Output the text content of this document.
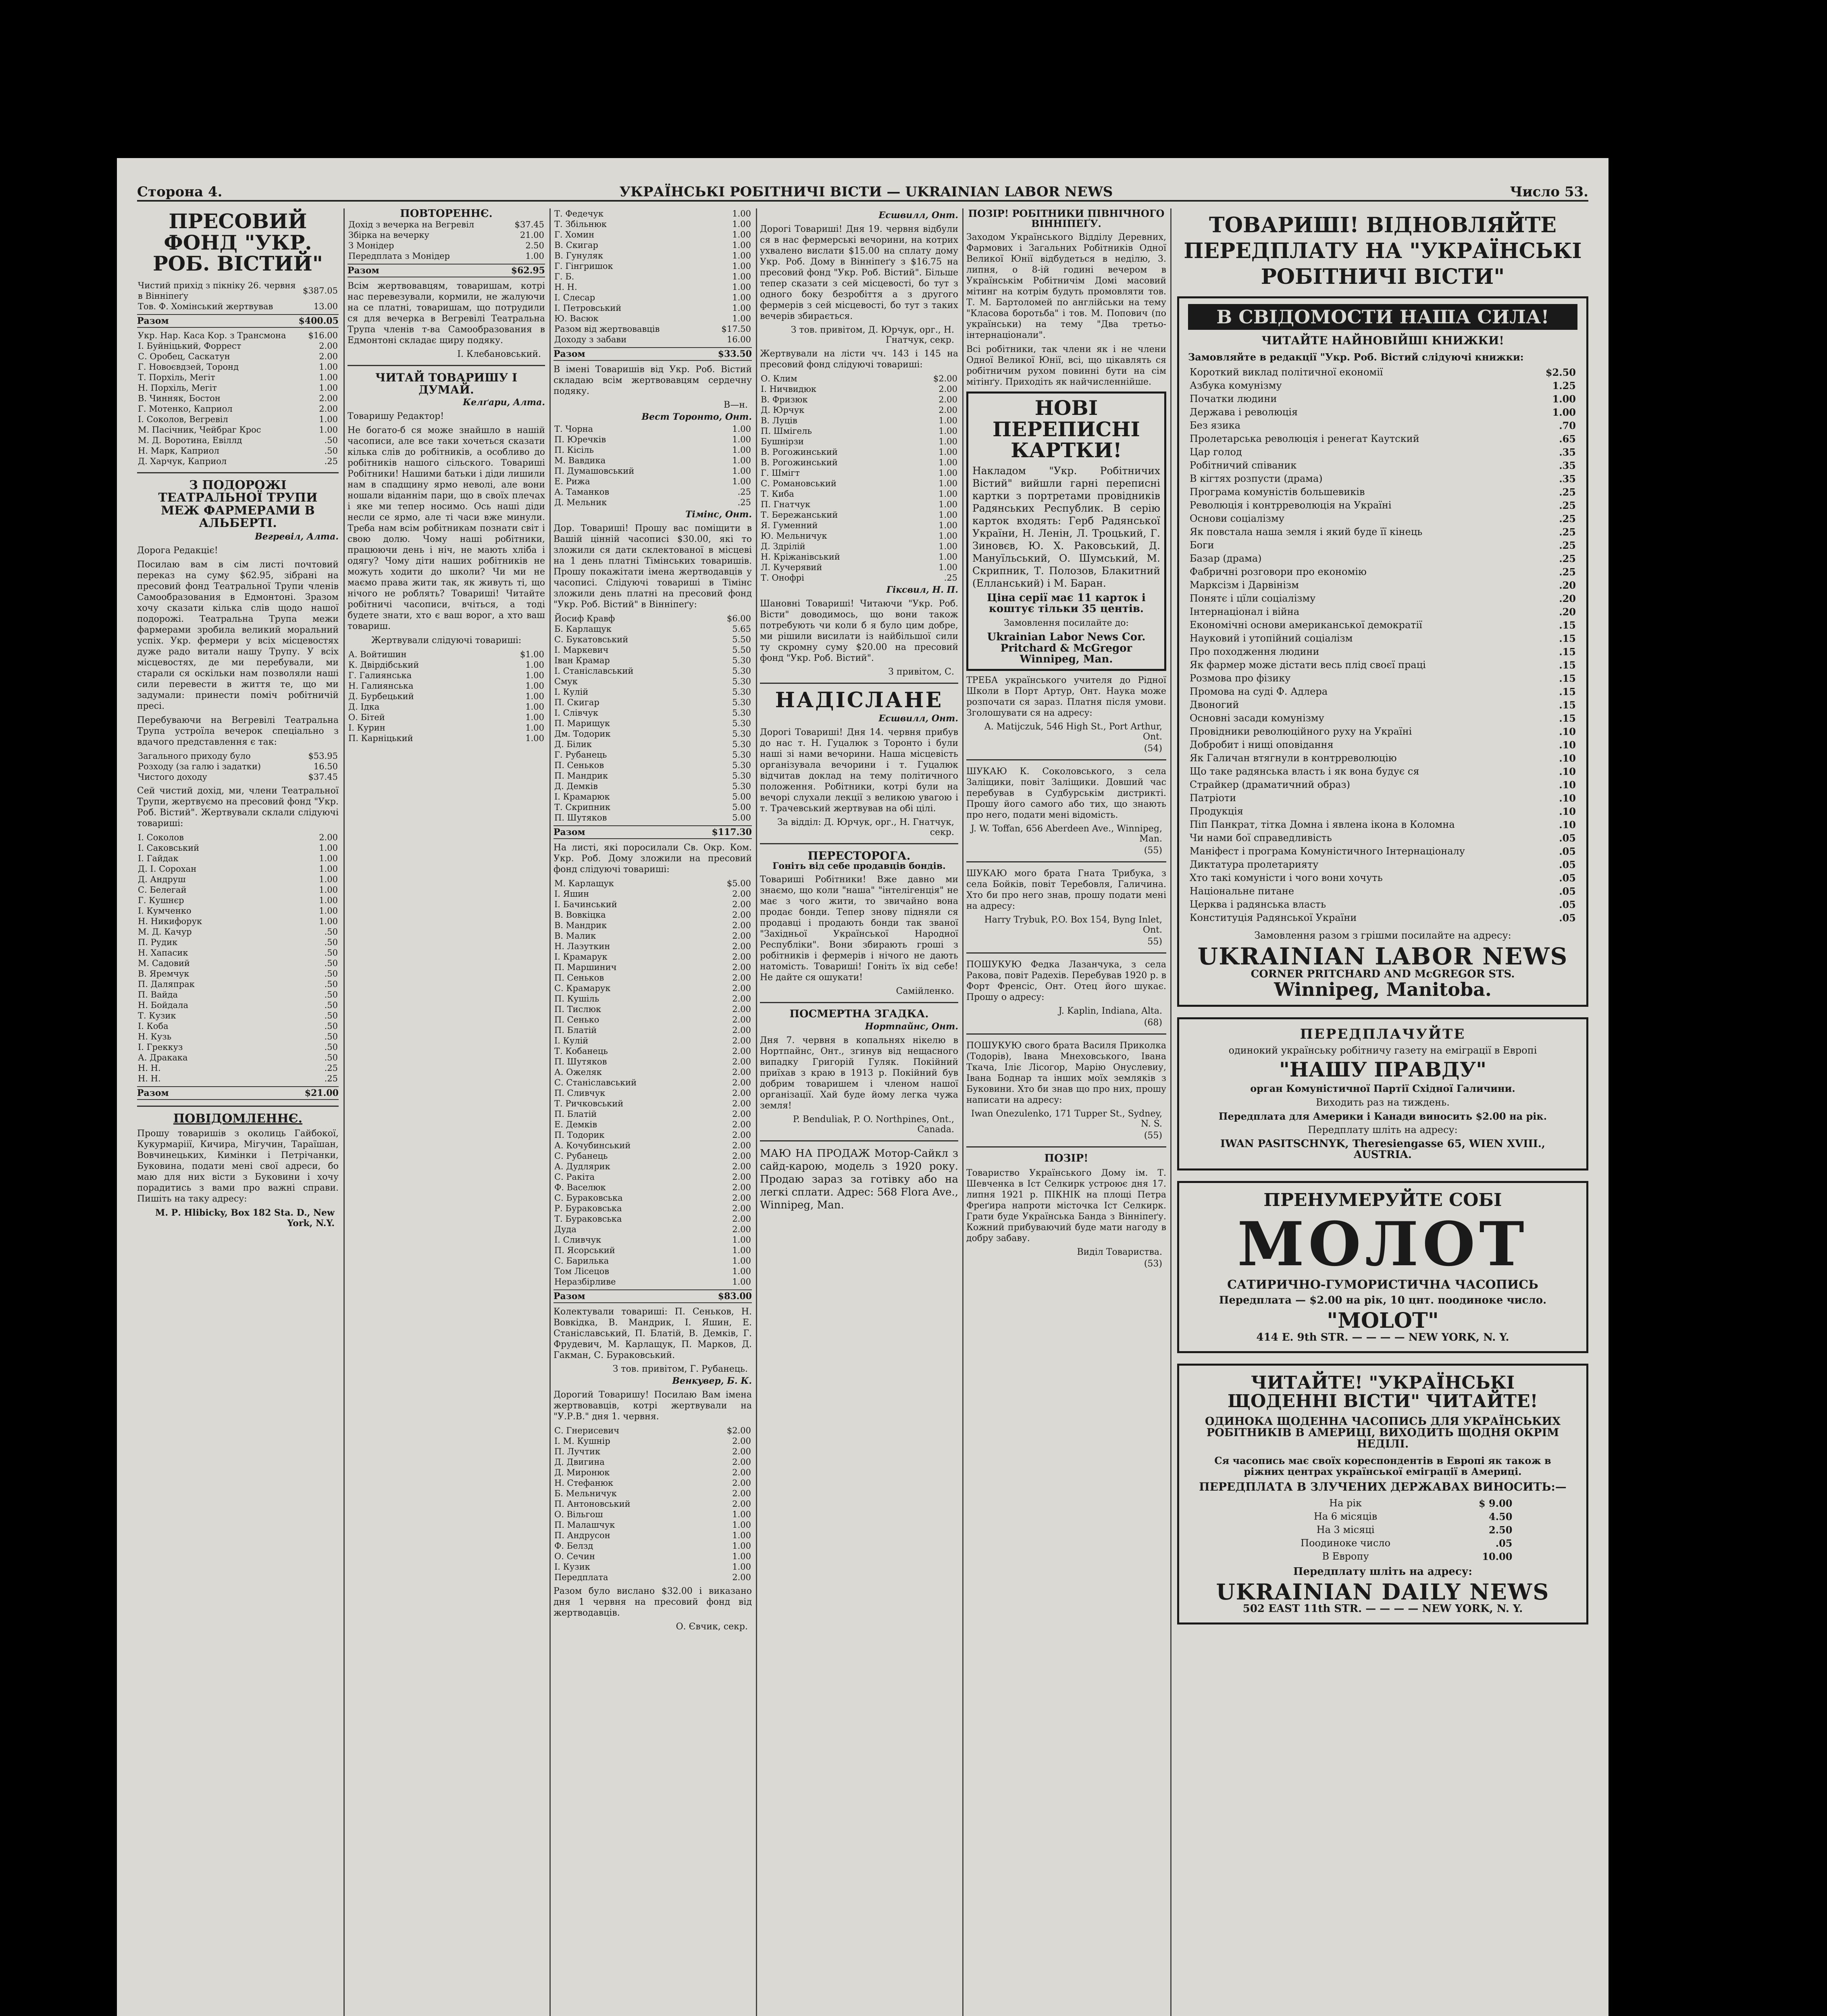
Сторона 4.	УКРАЇНСЬКІ РОБІТНИЧІ ВІСТИ — UKRAINIAN LABOR NEWS	Число 53.
ПРЕСОВИЙ ФОНД "УКР. РОБ. ВІСТИЙ"
Чистий прихід з пікніку 26. червня в Вінніпеґу	$387.05
Тов. Ф. Хомінський жертвував	13.00
Разом	$400.05
Укр. Нар. Каса Кор. з Трансмона	$16.00
І. Буйніцький, Форрест	2.00
С. Оробец, Саскатун	2.00
Г. Новоєвдзей, Торонд	1.00
Т. Порхіль, Мегіт	1.00
Н. Порхіль, Мегіт	1.00
В. Чинняк, Бостон	2.00
Г. Мотенко, Каприол	2.00
І. Соколов, Вегревіл	1.00
М. Пасічник, Чейбраг Крос	1.00
М. Д. Воротина, Евіллд	.50
Н. Марк, Каприол	.50
Д. Харчук, Каприол	.25
З ПОДОРОЖІ ТЕАТРАЛЬНОЇ ТРУПИ МЕЖ ФАРМЕРАМИ В АЛЬБЕРТІ.
Вегревіл, Алта.
Дорога Редакціє!
Посилаю вам в сім листі почтовий переказ на суму $62.95, зібрані на пресовий фонд Театральної Трупи членів Самообразования в Едмонтоні. Зразом хочу сказати кілька слів щодо нашої подорожі. Театральна Трупа межи фармерами зробила великий моральний успіх. Укр. фермери у всіх місцевостях дуже радо витали нашу Трупу. У всіх місцевостях, де ми перебували, ми старали ся оскільки нам позволяли наші сили перевести в життя те, що ми задумали: принести поміч робітничій пресі.
Перебуваючи на Вегревілі Театральна Трупа устроїла вечерок спеціально з вдачого представлення є так:
Загального приходу було	$53.95
Розходу (за галю і задатки)	16.50
Чистого доходу	$37.45
Сей чистий дохід, ми, члени Театральної Трупи, жертвуємо на пресовий фонд "Укр. Роб. Вістий". Жертвували склали слідуючі товариші:
І. Соколов	2.00
І. Саковський	1.00
І. Гайдак	1.00
Д. І. Сорохан	1.00
Д. Андруш	1.00
С. Белегай	1.00
Г. Кушнєр	1.00
І. Кумченко	1.00
Н. Никифорук	1.00
М. Д. Качур	.50
П. Рудик	.50
Н. Хапасик	.50
М. Садовий	.50
В. Яремчук	.50
П. Даляпрак	.50
П. Вайда	.50
Н. Бойдала	.50
Т. Кузик	.50
І. Коба	.50
Н. Кузь	.50
І. Греккуз	.50
А. Дракака	.50
Н. Н.	.25
Н. Н.	.25
Разом	$21.00
ПОВІДОМЛЕННЄ.
Прошу товаришів з околиць Гайбокої, Кукурмаріії, Кичира, Мігучин, Тараїшан, Вовчинецьких, Кимінки і Петрічанки, Буковина, подати мені свої адреси, бо маю для них вісти з Буковини і хочу порадитись з вами про важні справи. Пишіть на таку адресу:
М. Р. Hlibicky, Box 182 Sta. D., New York, N.Y.
ПОВТОРЕННЄ.
Дохід з вечерка на Вегревіл	$37.45
Збірка на вечерку	21.00
З Монідер	2.50
Передплата з Монідер	1.00
Разом	$62.95
Всім жертвовавцям, товаришам, котрі нас перевезували, кормили, не жалуючи на се платні, товаришам, що потрудили ся для вечерка в Вегревілі Театральна Трупа членів т-ва Самообразования в Едмонтоні складає щиру подяку.
І. Клебановський.
ЧИТАЙ ТОВАРИШУ І ДУМАЙ.
Келґари, Алта.
Товаришу Редактор!
Не богато-б ся може знайшло в нашій часописи, але все таки хочеться сказати кілька слів до робітників, а особливо до робітників нашого сільского. Товариші Робітники! Нашими батьки і діди лишили нам в спадщину ярмо неволі, але вони ношали віданнім пари, що в своїх плечах і яке ми тепер носимо. Ось наші діди несли се ярмо, але ті часи вже минули. Треба нам всім робітникам познати світ і свою долю. Чому наші робітники, працюючи день і ніч, не мають хліба і одягу? Чому діти наших робітників не можуть ходити до школи? Чи ми не маємо права жити так, як живуть ті, що нічого не роблять? Товариші! Читайте робітничі часописи, вчіться, а тоді будете знати, хто є ваш ворог, а хто ваш товариш.
Жертвували слідуючі товариші:
А. Войтишин	$1.00
К. Двірдібський	1.00
Г. Галиянська	1.00
Н. Галиянська	1.00
Д. Бурбецький	1.00
Д. Ідка	1.00
О. Бітей	1.00
І. Курин	1.00
П. Карніцький	1.00
Т. Федечук	1.00
Т. Збільнюк	1.00
Г. Хомин	1.00
В. Скигар	1.00
В. Гунуляк	1.00
Г. Гінгришок	1.00
Г. Б.	1.00
Н. Н.	1.00
І. Слесар	1.00
І. Петровський	1.00
Ю. Васюк	1.00
Разом від жертвовавців	$17.50
Доходу з забави	16.00
Разом	$33.50
В імені Товаришів від Укр. Роб. Вістий складаю всім жертвовавцям сердечну подяку.
В—н.
Вест Торонто, Онт.
Т. Чорна	1.00
П. Юречків	1.00
П. Кісіль	1.00
М. Вавдика	1.00
П. Думашовський	1.00
Е. Рижа	1.00
А. Таманков	.25
Д. Мельник	.25
Тімінс, Онт.
Дор. Товариші! Прошу вас поміщити в Вашій цінній часописі $30.00, які то зложили ся дати склектованої в місцеві на 1 день платні Тімінських товаришів. Прошу покажітати імена жертводавців у часописі. Слідуючі товариші в Тімінс зложили день платні на пресовий фонд "Укр. Роб. Вістий" в Вінніпеґу:
Йосиф Кравф	$6.00
Б. Карлащук	5.65
С. Букатовський	5.50
І. Маркевич	5.50
Іван Крамар	5.30
І. Станіславський	5.30
Смук	5.30
І. Кулій	5.30
П. Скигар	5.30
І. Слівчук	5.30
П. Марищук	5.30
Дм. Тодорик	5.30
Д. Білик	5.30
Г. Рубанець	5.30
П. Сеньков	5.30
П. Мандрик	5.30
Д. Демків	5.30
І. Крамарюк	5.00
Т. Скрипник	5.00
П. Шутяков	5.00
Разом	$117.30
На листі, які поросилали Св. Окр. Ком. Укр. Роб. Дому зложили на пресовий фонд слідуючі товариші:
М. Карлащук	$5.00
І. Яшин	2.00
І. Бачинський	2.00
В. Вовкіцка	2.00
В. Мандрик	2.00
В. Малик	2.00
Н. Лазуткин	2.00
І. Крамарук	2.00
П. Маршинич	2.00
П. Сеньков	2.00
С. Крамарук	2.00
П. Кушіль	2.00
П. Тислюк	2.00
П. Сенько	2.00
П. Блатій	2.00
І. Кулій	2.00
Т. Кобанець	2.00
П. Шутяков	2.00
А. Ожеляк	2.00
С. Станіславський	2.00
П. Сливчук	2.00
Т. Ричковський	2.00
П. Блатій	2.00
Е. Демків	2.00
П. Тодорик	2.00
А. Кочубинський	2.00
С. Рубанець	2.00
А. Дудлярик	2.00
С. Ракіта	2.00
Ф. Васелюк	2.00
С. Бураковська	2.00
Р. Бураковська	2.00
Т. Бураковська	2.00
Дуда	2.00
І. Сливчук	1.00
П. Ясорський	1.00
С. Барилька	1.00
Том Лісецов	1.00
Неразбірливе	1.00
Разом	$83.00
Колектували товариші: П. Сеньков, Н. Вовкідка, В. Мандрик, І. Яшин, Е. Станіславський, П. Блатій, В. Демків, Г. Фрудевич, М. Карлащук, П. Марков, Д. Гакман, С. Бураковський.
З тов. привітом, Г. Рубанець.
Венкувер, Б. К.
Дорогий Товаришу! Посилаю Вам імена жертвовавців, котрі жертвували на "У.Р.В." дня 1. червня.
С. Гнерисевич	$2.00
І. М. Кушнір	2.00
П. Лучтик	2.00
Д. Двигина	2.00
Д. Миронюк	2.00
Н. Стефанюк	2.00
Б. Мельничук	2.00
П. Антоновський	2.00
О. Вільгош	1.00
П. Малашчук	1.00
П. Андрусон	1.00
Ф. Белзд	1.00
О. Сечин	1.00
І. Кузик	1.00
Передплата	2.00
Разом було вислано $32.00 і виказано дня 1 червня на пресовий фонд від жертводавців.
О. Євчик, секр.
Есшвилл, Онт.
Дорогі Товариші! Дня 19. червня відбули ся в нас фермерські вечорини, на котрих ухвалено вислати $15.00 на сплату дому Укр. Роб. Дому в Вінніпеґу з $16.75 на пресовий фонд "Укр. Роб. Вістий". Більше тепер сказати з сей місцевості, бо тут з одного боку безробіття а з другого фермерів з сей місцевості, бо тут з таких вечерів збирається.
З тов. привітом, Д. Юрчук, орг., Н. Гнатчук, секр.
Жертвували на лісти чч. 143 і 145 на пресовий фонд слідуючі товариші:
О. Клим	$2.00
І. Ничвидюк	2.00
В. Фризюк	2.00
Д. Юрчук	2.00
В. Луців	1.00
П. Шмігель	1.00
Бушнірзи	1.00
В. Рогожинський	1.00
В. Рогожинський	1.00
Г. Шмігт	1.00
С. Романовський	1.00
Т. Киба	1.00
П. Гнатчук	1.00
Т. Бережанський	1.00
Я. Гуменний	1.00
Ю. Мельничук	1.00
Д. Здрілій	1.00
Н. Кріжанівський	1.00
Л. Кучерявий	1.00
Т. Онофрі	.25
Гіксвил, Н. П.
Шановні Товариші! Читаючи "Укр. Роб. Вісти" доводимось, що вони також потребують чи коли б я було цим добре, ми рішили висилати із найбільшої сили ту скромну суму $20.00 на пресовий фонд "Укр. Роб. Вістий".
З привітом, С.
НАДІСЛАНЕ
Есшвилл, Онт.
Дорогі Товариші! Дня 14. червня прибув до нас т. Н. Гуцалюк з Торонто і були наші зі нами вечорини. Наша місцевість організувала вечорини і т. Гуцалюк відчитав доклад на тему політичного положення. Робітники, котрі були на вечорі слухали лекції з великою увагою і т. Трачевський жертвував на обі цілі.
За відділ: Д. Юрчук, орг., Н. Гнатчук, секр.
ПЕРЕСТОРОГА.
Гоніть від себе продавців бондів.
Товариші Робітники! Вже давно ми знаємо, що коли "наша" "інтелігенція" не має з чого жити, то звичайно вона продає бонди. Тепер знову підняли ся продавці і продають бонди так званої "Західньої Української Народної Республіки". Вони збирають гроші з робітників і фермерів і нічого не дають натомість. Товариші! Гоніть їх від себе! Не дайте ся ошукати!
Самійленко.
ПОСМЕРТНА ЗГАДКА.
Нортпайнс, Онт.
Дня 7. червня в копальнях нікелю в Нортпайнс, Онт., згинув від нещасного випадку Григорій Гуляк. Покійний приїхав з краю в 1913 р. Покійний був добрим товаришем і членом нашої організації. Хай буде йому легка чужа земля!
P. Benduliak, P. O. Northpines, Ont., Canada.
МАЮ НА ПРОДАЖ Мотор-Сайкл з сайд-карою, модель з 1920 року. Продаю зараз за готівку або на легкі сплати. Адрес: 568 Flora Ave., Winnipeg, Man.
ПОЗІР! РОБІТНИКИ ПІВНІЧНОГО ВІННІПЕҐУ.
Заходом Українського Відділу Деревних, Фармових і Загальних Робітників Одної Великої Юнії відбудеться в неділю, 3. липня, о 8-ій годині вечером в Українськім Робітничім Домі масовий мітинг на котрім будуть промовляти тов. Т. М. Бартоломей по англійськи на тему "Класова боротьба" і тов. М. Попович (по українськи) на тему "Два третьо-інтернаціонали".
Всі робітники, так члени як і не члени Одної Великої Юнії, всі, що цікавлять ся робітничим рухом повинні бути на сім мітінґу. Приходіть як найчисленнійше.
НОВІ ПЕРЕПИСНІ КАРТКИ!
Накладом "Укр. Робітничих Вістий" вийшли гарні переписні картки з портретами провідників Радянських Республик. В серію карток входять: Герб Радянської України, Н. Ленін, Л. Троцький, Г. Зиновєв, Ю. Х. Раковський, Д. Мануїльський, О. Шумський, М. Скрипник, Т. Полозов, Блакитний (Елланський) і М. Баран.
Ціна серії має 11 карток і коштує тільки 35 центів.
Замовлення посилайте до:
Ukrainian Labor News Cor. Pritchard & McGregor Winnipeg, Man.
ТРЕБА українського учителя до Рідної Школи в Порт Артур, Онт. Наука може розпочати ся зараз. Платня після умови. Зголошувати ся на адресу:
A. Matijczuk, 546 High St., Port Arthur, Ont.
(54)
ШУКАЮ К. Соколовського, з села Заліщики, повіт Заліщики. Довший час перебував в Судбурськім дистрикті. Прошу його самого або тих, що знають про него, подати мені відомість.
J. W. Toffan, 656 Aberdeen Ave., Winnipeg, Man.
(55)
ШУКАЮ мого брата Гната Трибука, з села Бойків, повіт Теребовля, Галичина. Хто би про него знав, прошу подати мені на адресу:
Harry Trybuk, P.O. Box 154, Byng Inlet, Ont.
55)
ПОШУКУЮ Федка Лазанчука, з села Ракова, повіт Радехів. Перебував 1920 р. в Форт Френсіс, Онт. Отец його шукає. Прошу о адресу:
J. Kaplin, Indiana, Alta.
(68)
ПОШУКУЮ свого брата Василя Приколка (Тодорів), Івана Мнеховського, Івана Ткача, Іліє Лісогор, Марію Онуслевиу, Івана Боднар та інших моїх земляків з Буковини. Хто би знав що про них, прошу написати на адресу:
Iwan Onezulenko, 171 Tupper St., Sydney, N. S.
(55)
ПОЗІР!
Товариство Українського Дому ім. Т. Шевченка в Іст Селкирк устроює дня 17. липня 1921 р. ПІКНІК на площі Петра Фреґира напроти місточка Іст Селкирк. Грати буде Українська Банда з Вінніпеґу. Кожний прибуваючий буде мати нагоду в добру забаву.
Виділ Товариства.
(53)
ТОВАРИШІ! ВІДНОВЛЯЙТЕ ПЕРЕДПЛАТУ НА "УКРАЇНСЬКІ РОБІТНИЧІ ВІСТИ"
В СВІДОМОСТИ НАША СИЛА!
ЧИТАЙТЕ НАЙНОВІЙШІ КНИЖКИ!
Замовляйте в редакції "Укр. Роб. Вістий слідуючі книжки:
Короткий виклад політичної економії	$2.50
Азбука комунізму	1.25
Початки людини	1.00
Держава і революція	1.00
Без язика	.70
Пролетарська революція і ренегат Каутский	.65
Цар голод	.35
Робітничий співаник	.35
В кігтях розпусти (драма)	.35
Програма комуністів большевиків	.25
Революція і контрреволюція на Україні	.25
Основи соціалізму	.25
Як повстала наша земля і який буде її кінець	.25
Боги	.25
Базар (драма)	.25
Фабричні розговори про економію	.25
Марксізм і Дарвінізм	.20
Понятє і цїли соціалізму	.20
Інтернаціонал і війна	.20
Економічні основи американської демократії	.15
Науковий і утопійний соціалізм	.15
Про походження людини	.15
Як фармер може дістати весь плід своєї праці	.15
Розмова про фізику	.15
Промова на суді Ф. Адлера	.15
Двоногий	.15
Основні засади комунізму	.15
Провідники революційного руху на Україні	.10
Добробит і нищі оповідання	.10
Як Галичан втягнули в контрреволюцію	.10
Що таке радянська власть і як вона будує ся	.10
Страйкер (драматичний образ)	.10
Патріоти	.10
Продукція	.10
Піп Панкрат, тітка Домна і явлена ікона в Коломна	.10
Чи нами бої справедливість	.05
Маніфест і програма Комуністичного Інтернаціоналу	.05
Диктатура пролетарияту	.05
Хто такі комуністи і чого вони хочуть	.05
Національне питане	.05
Церква і радянська власть	.05
Конституція Радянської України	.05
Замовлення разом з грішми посилайте на адресу:
UKRAINIAN LABOR NEWS
CORNER PRITCHARD AND McGREGOR STS.
Winnipeg, Manitoba.
ПЕРЕДПЛАЧУЙТЕ
одинокий українську робітничу газету на еміграції в Европі
"НАШУ ПРАВДУ"
орган Комуністичної Партії Східної Галичини.
Виходить раз на тиждень.
Передплата для Америки і Канади виносить $2.00 на рік.
Передплату шліть на адресу:
IWAN PASITSCHNYK, Theresiengasse 65, WIEN XVIII., AUSTRIA.
ПРЕНУМЕРУЙТЕ СОБІ
МОЛОТ
САТИРИЧНО-ГУМОРИСТИЧНА ЧАСОПИСЬ
Передплата — $2.00 на рік, 10 цнт. поодиноке число.
"MOLOT"
414 E. 9th STR. — — — — NEW YORK, N. Y.
ЧИТАЙТЕ! "УКРАЇНСЬКІ ЩОДЕННІ ВІСТИ" ЧИТАЙТЕ!
ОДИНОКА ЩОДЕННА ЧАСОПИСЬ ДЛЯ УКРАЇНСЬКИХ РОБІТНИКІВ В АМЕРИЦІ, ВИХОДИТЬ ЩОДНЯ ОКРІМ НЕДІЛІ.
Ся часопись має своїх кореспондентів в Европі як також в ріжних центрах української еміграції в Америці.
ПЕРЕДПЛАТА В ЗЛУЧЕНИХ ДЕРЖАВАХ ВИНОСИТЬ:—
На рік	$ 9.00
На 6 місяців	4.50
На 3 місяці	2.50
Поодиноке число	.05
В Европу	10.00
Передплату шліть на адресу:
UKRAINIAN DAILY NEWS
502 EAST 11th STR. — — — — NEW YORK, N. Y.
